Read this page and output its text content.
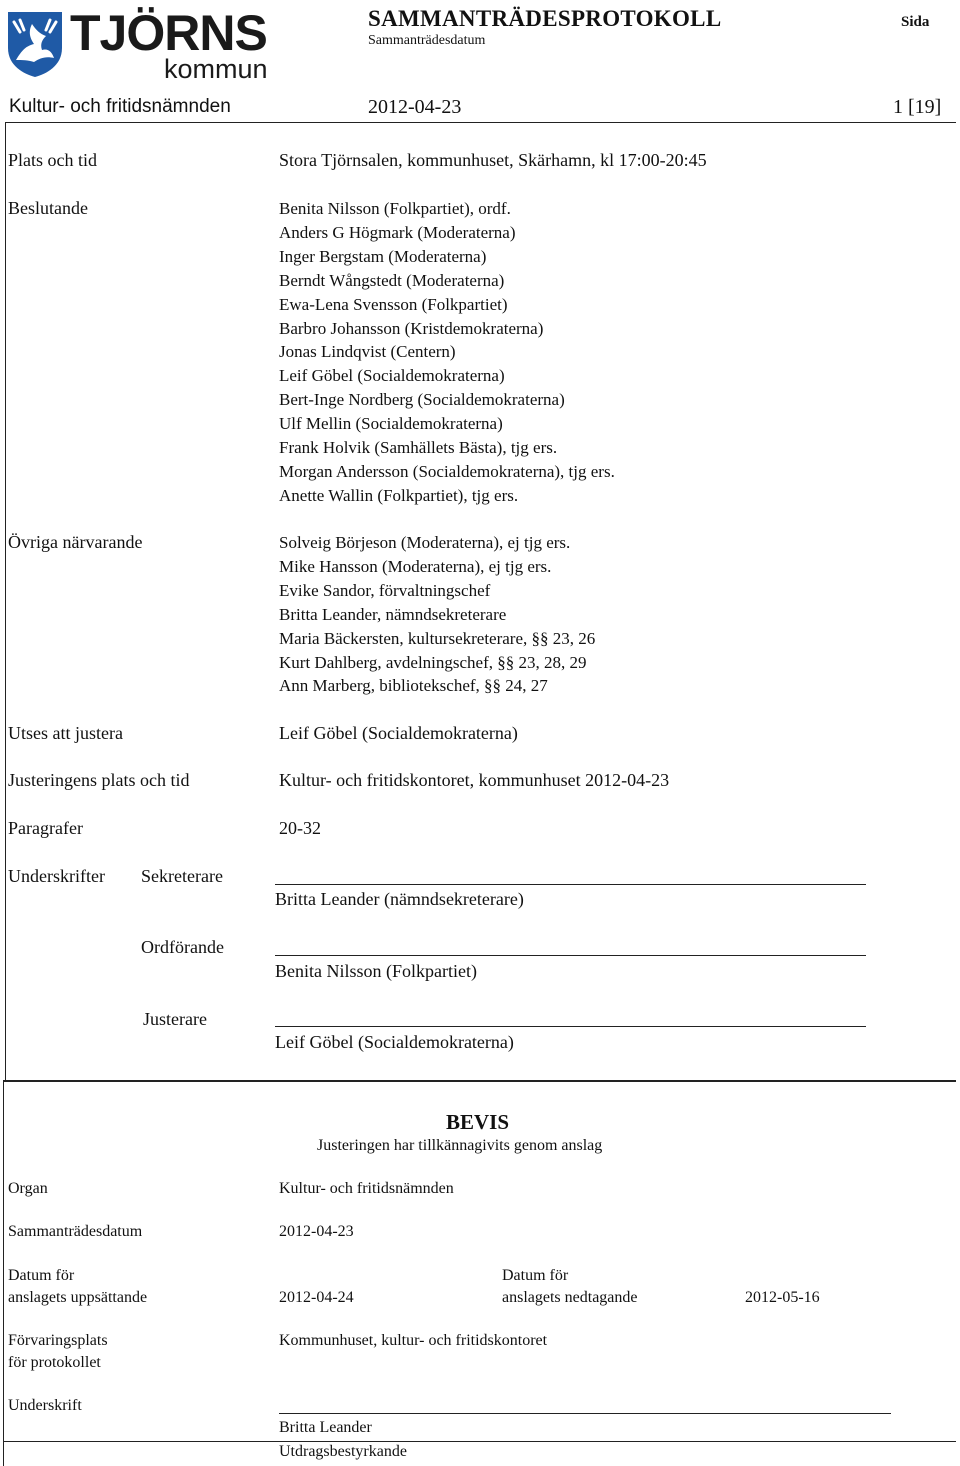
TJÖRNS
kommun
SAMMANTRÄDESPROTOKOLL
Sammanträdesdatum
Sida
Kultur- och fritidsnämnden	2012-04-23	1 [19]
Plats och tid	Stora Tjörnsalen, kommunhuset, Skärhamn, kl 17:00-20:45
Beslutande	Benita Nilsson (Folkpartiet), ordf.
Anders G Högmark (Moderaterna)
Inger Bergstam (Moderaterna)
Berndt Wångstedt (Moderaterna)
Ewa-Lena Svensson (Folkpartiet)
Barbro Johansson (Kristdemokraterna)
Jonas Lindqvist (Centern)
Leif Göbel (Socialdemokraterna)
Bert-Inge Nordberg (Socialdemokraterna)
Ulf Mellin (Socialdemokraterna)
Frank Holvik (Samhällets Bästa), tjg ers.
Morgan Andersson (Socialdemokraterna), tjg ers.
Anette Wallin (Folkpartiet), tjg ers.
Övriga närvarande	Solveig Börjeson (Moderaterna), ej tjg ers.
Mike Hansson (Moderaterna), ej tjg ers.
Evike Sandor, förvaltningschef
Britta Leander, nämndsekreterare
Maria Bäckersten, kultursekreterare, §§ 23, 26
Kurt Dahlberg, avdelningschef, §§ 23, 28, 29
Ann Marberg, bibliotekschef, §§ 24, 27
Utses att justera	Leif Göbel (Socialdemokraterna)
Justeringens plats och tid	Kultur- och fritidskontoret, kommunhuset 2012-04-23
Paragrafer	20-32
Underskrifter Sekreterare
Britta Leander (nämndsekreterare)
Ordförande
Benita Nilsson (Folkpartiet)
Justerare
Leif Göbel (Socialdemokraterna)
BEVIS
Justeringen har tillkännagivits genom anslag
Organ	Kultur- och fritidsnämnden
Sammanträdesdatum	2012-04-23
Datum för
anslagets uppsättande	2012-04-24
Datum för
anslagets nedtagande	2012-05-16
Förvaringsplats
för protokollet
Kommunhuset, kultur- och fritidskontoret
Underskrift
Britta Leander
Utdragsbestyrkande
